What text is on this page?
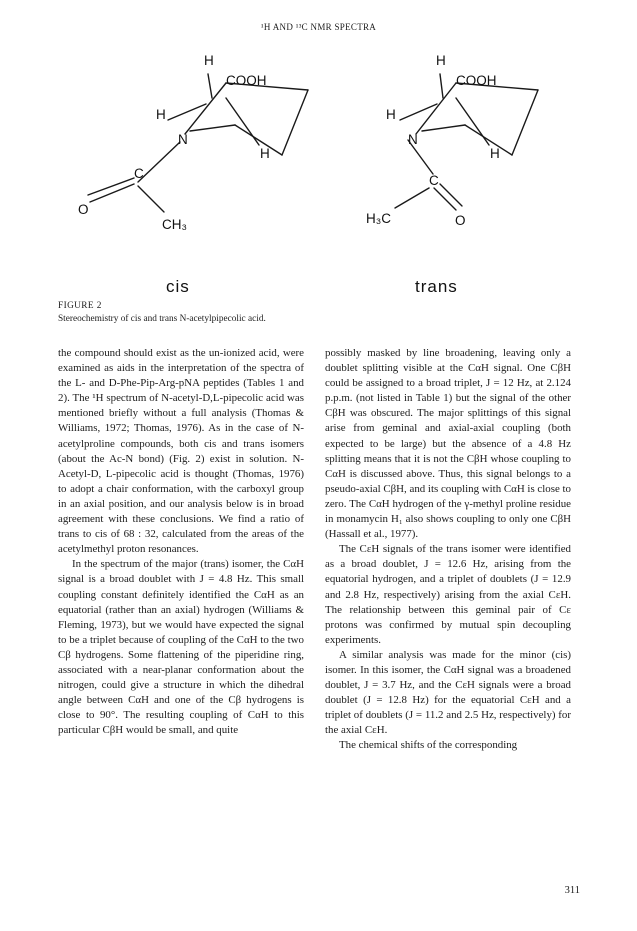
¹H AND ¹³C NMR SPECTRA
H
COOH
H
N
H
C
O
CH₃
H
COOH
H
N
H
C
H₃C	O
cis	trans
FIGURE 2
Stereochemistry of cis and trans N-acetylpipecolic acid.

the compound should exist as the un-ionized acid, were examined as aids in the interpretation of the spectra of the L- and D-Phe-Pip-Arg-pNA peptides (Tables 1 and 2). The ¹H spectrum of N-acetyl-D,L-pipecolic acid was mentioned briefly without a full analysis (Thomas & Williams, 1972; Thomas, 1976). As in the case of N-acetylproline compounds, both cis and trans isomers (about the Ac-N bond) (Fig. 2) exist in solution. N-Acetyl-D, L-pipecolic acid is thought (Thomas, 1976) to adopt a chair conformation, with the carboxyl group in an axial position, and our analysis below is in broad agreement with these conclusions. We find a ratio of trans to cis of 68 : 32, calculated from the areas of the acetylmethyl proton resonances.

In the spectrum of the major (trans) isomer, the CαH signal is a broad doublet with J = 4.8 Hz. This small coupling constant definitely identified the CαH as an equatorial (rather than an axial) hydrogen (Williams & Fleming, 1973), but we would have expected the signal to be a triplet because of coupling of the CαH to the two Cβ hydrogens. Some flattening of the piperidine ring, associated with a near-planar conformation about the nitrogen, could give a structure in which the dihedral angle between CαH and one of the Cβ hydrogens is close to 90°. The resulting coupling of CαH to this particular CβH would be small, and quite

possibly masked by line broadening, leaving only a doublet splitting visible at the CαH signal. One CβH could be assigned to a broad triplet, J = 12 Hz, at 2.124 p.p.m. (not listed in Table 1) but the signal of the other CβH was obscured. The major splittings of this signal arise from geminal and axial-axial coupling (both expected to be large) but the absence of a 4.8 Hz splitting means that it is not the CβH whose coupling to CαH is discussed above. Thus, this signal belongs to a pseudo-axial CβH, and its coupling with CαH is close to zero. The CαH hydrogen of the γ-methyl proline residue in monamycin H₁ also shows coupling to only one CβH (Hassall et al., 1977).

The CεH signals of the trans isomer were identified as a broad doublet, J = 12.6 Hz, arising from the equatorial hydrogen, and a triplet of doublets (J = 12.9 and 2.8 Hz, respectively) arising from the axial CεH. The relationship between this geminal pair of Cε protons was confirmed by mutual spin decoupling experiments.

A similar analysis was made for the minor (cis) isomer. In this isomer, the CαH signal was a broadened doublet, J = 3.7 Hz, and the CεH signals were a broad doublet (J = 12.8 Hz) for the equatorial CεH and a triplet of doublets (J = 11.2 and 2.5 Hz, respectively) for the axial CεH.

The chemical shifts of the corresponding

311
